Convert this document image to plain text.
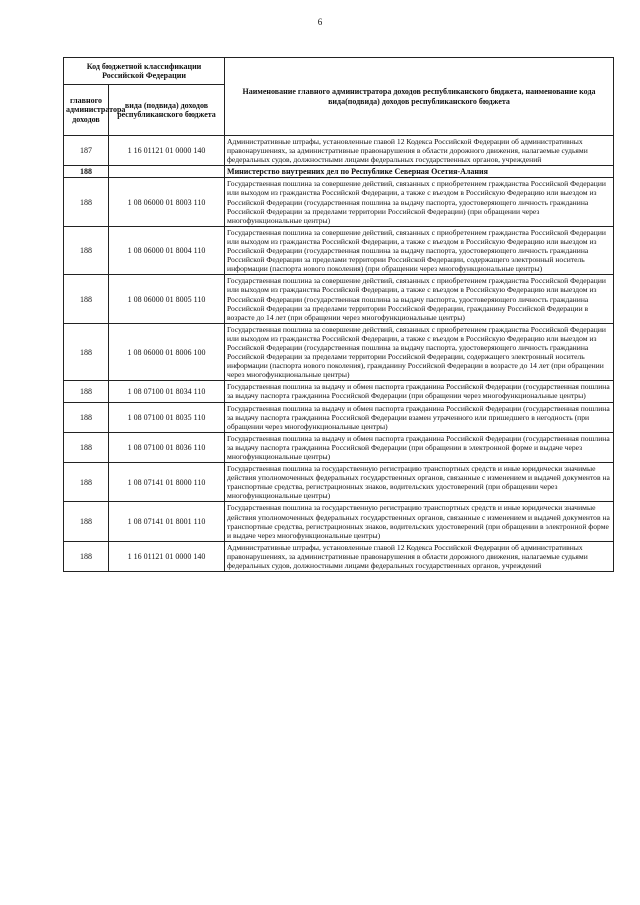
6
Код бюджетной классификации Российской Федерации		Наименование главного администратора доходов республиканского бюджета, наименование кода вида(подвида) доходов республиканского бюджета
главного администратора доходов	вида (подвида) доходов республиканского бюджета	
187	1 16 01121 01 0000 140	Административные штрафы, установленные главой 12 Кодекса Российской Федерации об административных правонарушениях, за административные правонарушения в области дорожного движения, налагаемые судьями федеральных судов, должностными лицами федеральных государственных органов, учреждений
188		Министерство внутренних дел по Республике Северная Осетия-Алания
188	1 08 06000 01 8003 110	Государственная пошлина за совершение действий, связанных с приобретением гражданства Российской Федерации или выходом из гражданства Российской Федерации, а также с въездом в Российскую Федерацию или выездом из Российской Федерации (государственная пошлина за выдачу паспорта, удостоверяющего личность гражданина Российской Федерации за пределами территории Российской Федерации) (при обращении через многофункциональные центры)
188	1 08 06000 01 8004 110	Государственная пошлина за совершение действий, связанных с приобретением гражданства Российской Федерации или выходом из гражданства Российской Федерации, а также с въездом в Российскую Федерацию или выездом из Российской Федерации (государственная пошлина за выдачу паспорта, удостоверяющего личность гражданина Российской Федерации за пределами территории Российской Федерации, содержащего электронный носитель информации (паспорта нового поколения) (при обращении через многофункциональные центры)
188	1 08 06000 01 8005 110	Государственная пошлина за совершение действий, связанных с приобретением гражданства Российской Федерации или выходом из гражданства Российской Федерации, а также с въездом в Российскую Федерацию или выездом из Российской Федерации (государственная пошлина за выдачу паспорта, удостоверяющего личность гражданина Российской Федерации за пределами территории Российской Федерации, гражданину Российской Федерации в возрасте до 14 лет (при обращении через многофункциональные центры)
188	1 08 06000 01 8006 100	Государственная пошлина за совершение действий, связанных с приобретением гражданства Российской Федерации или выходом из гражданства Российской Федерации, а также с въездом в Российскую Федерацию или выездом из Российской Федерации (государственная пошлина за выдачу паспорта, удостоверяющего личность гражданина Российской Федерации за пределами территории Российской Федерации, содержащего электронный носитель информации (паспорта нового поколения), гражданину Российской Федерации в возрасте до 14 лет (при обращении через многофункциональные центры)
188	1 08 07100 01 8034 110	Государственная пошлина за выдачу и обмен паспорта гражданина Российской Федерации (государственная пошлина за выдачу паспорта гражданина Российской Федерации (при обращении через многофункциональные центры)
188	1 08 07100 01 8035 110	Государственная пошлина за выдачу и обмен паспорта гражданина Российской Федерации (государственная пошлина за выдачу паспорта гражданина Российской Федерации взамен утраченного или пришедшего в негодность (при обращении через многофункциональные центры)
188	1 08 07100 01 8036 110	Государственная пошлина за выдачу и обмен паспорта гражданина Российской Федерации (государственная пошлина за выдачу паспорта гражданина Российской Федерации (при обращении в электронной форме и выдаче через многофункциональные центры)
188	1 08 07141 01 8000 110	Государственная пошлина за государственную регистрацию транспортных средств и иные юридически значимые действия уполномоченных федеральных государственных органов, связанные с изменением и выдачей документов на транспортные средства, регистрационных знаков, водительских удостоверений (при обращении через многофункциональные центры)
188	1 08 07141 01 8001 110	Государственная пошлина за государственную регистрацию транспортных средств и иные юридически значимые действия уполномоченных федеральных государственных органов, связанные с изменением и выдачей документов на транспортные средства, регистрационных знаков, водительских удостоверений (при обращении в электронной форме и выдаче через многофункциональные центры)
188	1 16 01121 01 0000 140	Административные штрафы, установленные главой 12 Кодекса Российской Федерации об административных правонарушениях, за административные правонарушения в области дорожного движения, налагаемые судьями федеральных судов, должностными лицами федеральных государственных органов, учреждений
